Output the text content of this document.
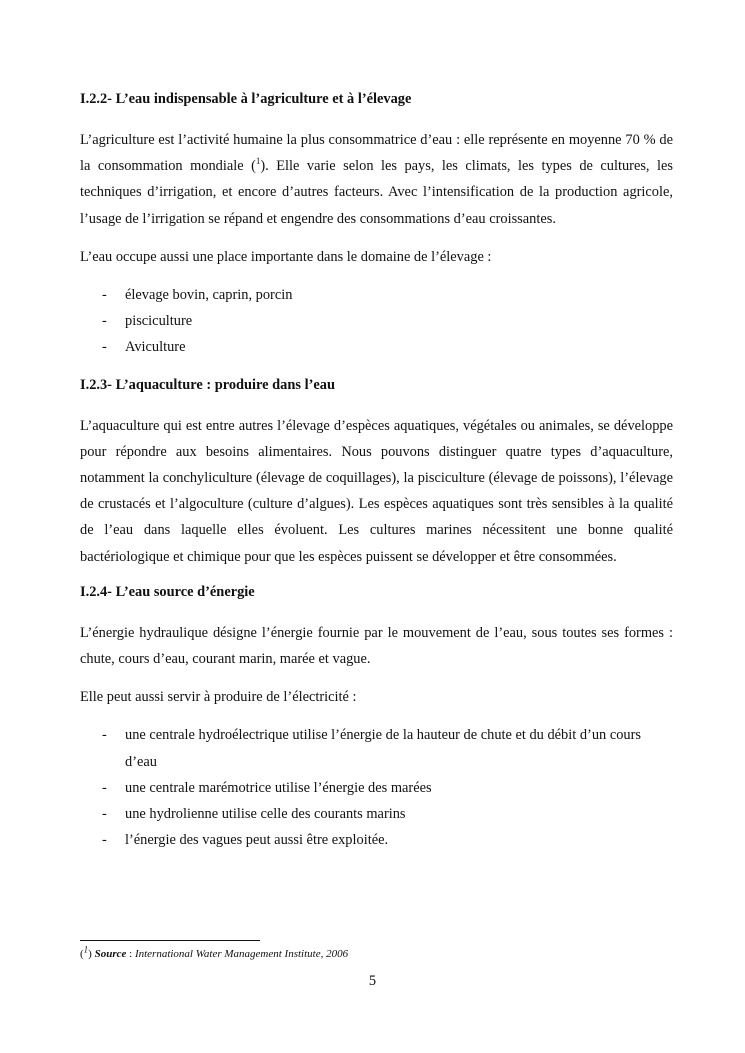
I.2.2- L’eau indispensable à l’agriculture et à l’élevage

L’agriculture est l’activité humaine la plus consommatrice d’eau : elle représente en moyenne 70 % de la consommation mondiale ($^1$). Elle varie selon les pays, les climats, les types de cultures, les techniques d’irrigation, et encore d’autres facteurs. Avec l’intensification de la production agricole, l’usage de l’irrigation se répand et engendre des consommations d’eau croissantes.

L’eau occupe aussi une place importante dans le domaine de l’élevage :

- élevage bovin, caprin, porcin
- pisciculture
- Aviculture
I.2.3- L’aquaculture : produire dans l’eau

L’aquaculture qui est entre autres l’élevage d’espèces aquatiques, végétales ou animales, se développe pour répondre aux besoins alimentaires. Nous pouvons distinguer quatre types d’aquaculture, notamment la conchyliculture (élevage de coquillages), la pisciculture (élevage de poissons), l’élevage de crustacés et l’algoculture (culture d’algues). Les espèces aquatiques sont très sensibles à la qualité de l’eau dans laquelle elles évoluent. Les cultures marines nécessitent une bonne qualité bactériologique et chimique pour que les espèces puissent se développer et être consommées.

I.2.4- L’eau source d’énergie

L’énergie hydraulique désigne l’énergie fournie par le mouvement de l’eau, sous toutes ses formes : chute, cours d’eau, courant marin, marée et vague.

Elle peut aussi servir à produire de l’électricité :

- une centrale hydroélectrique utilise l’énergie de la hauteur de chute et du débit d’un cours d’eau
- une centrale marémotrice utilise l’énergie des marées
- une hydrolienne utilise celle des courants marins
- l’énergie des vagues peut aussi être exploitée.
($^1$) Source : International Water Management Institute, 2006
5
